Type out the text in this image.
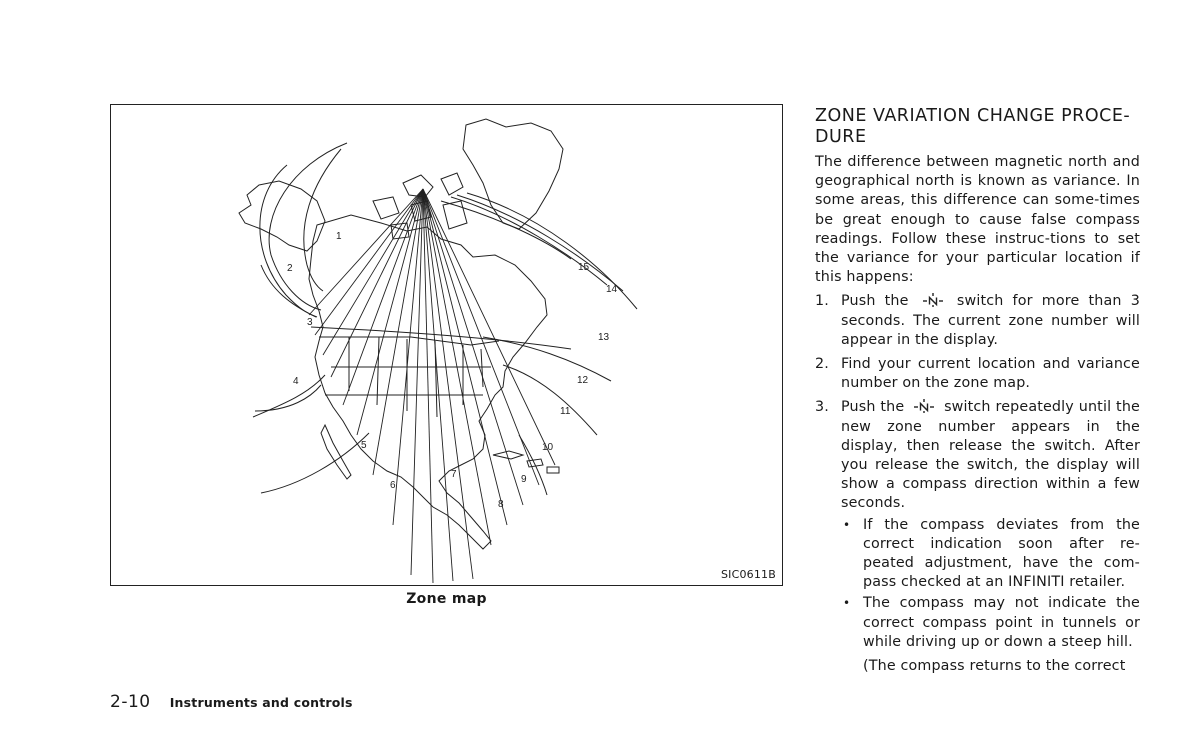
1
2
3
4
5
6
7
8
9
10
11
12
13
14
15
SIC0611B
Zone map
ZONE VARIATION CHANGE PROCE-
DURE

The difference between magnetic north and geographical north is known as variance. In some areas, this difference can some-times be great enough to cause false compass readings. Follow these instruc-tions to set the variance for your particular location if this happens:

1. Push the	switch for more than 3 seconds. The current zone number will appear in the display.
2. Find your current location and variance number on the zone map.
3. Push the	switch repeatedly until the new zone number appears in the display, then release the switch. After you release the switch, the display will show a compass direction within a few seconds.
• If the compass deviates from the correct indication soon after re-peated adjustment, have the com-pass checked at an INFINITI retailer.
• The compass may not indicate the correct compass point in tunnels or while driving up or down a steep hill.
(The compass returns to the correct
2-10 Instruments and controls
